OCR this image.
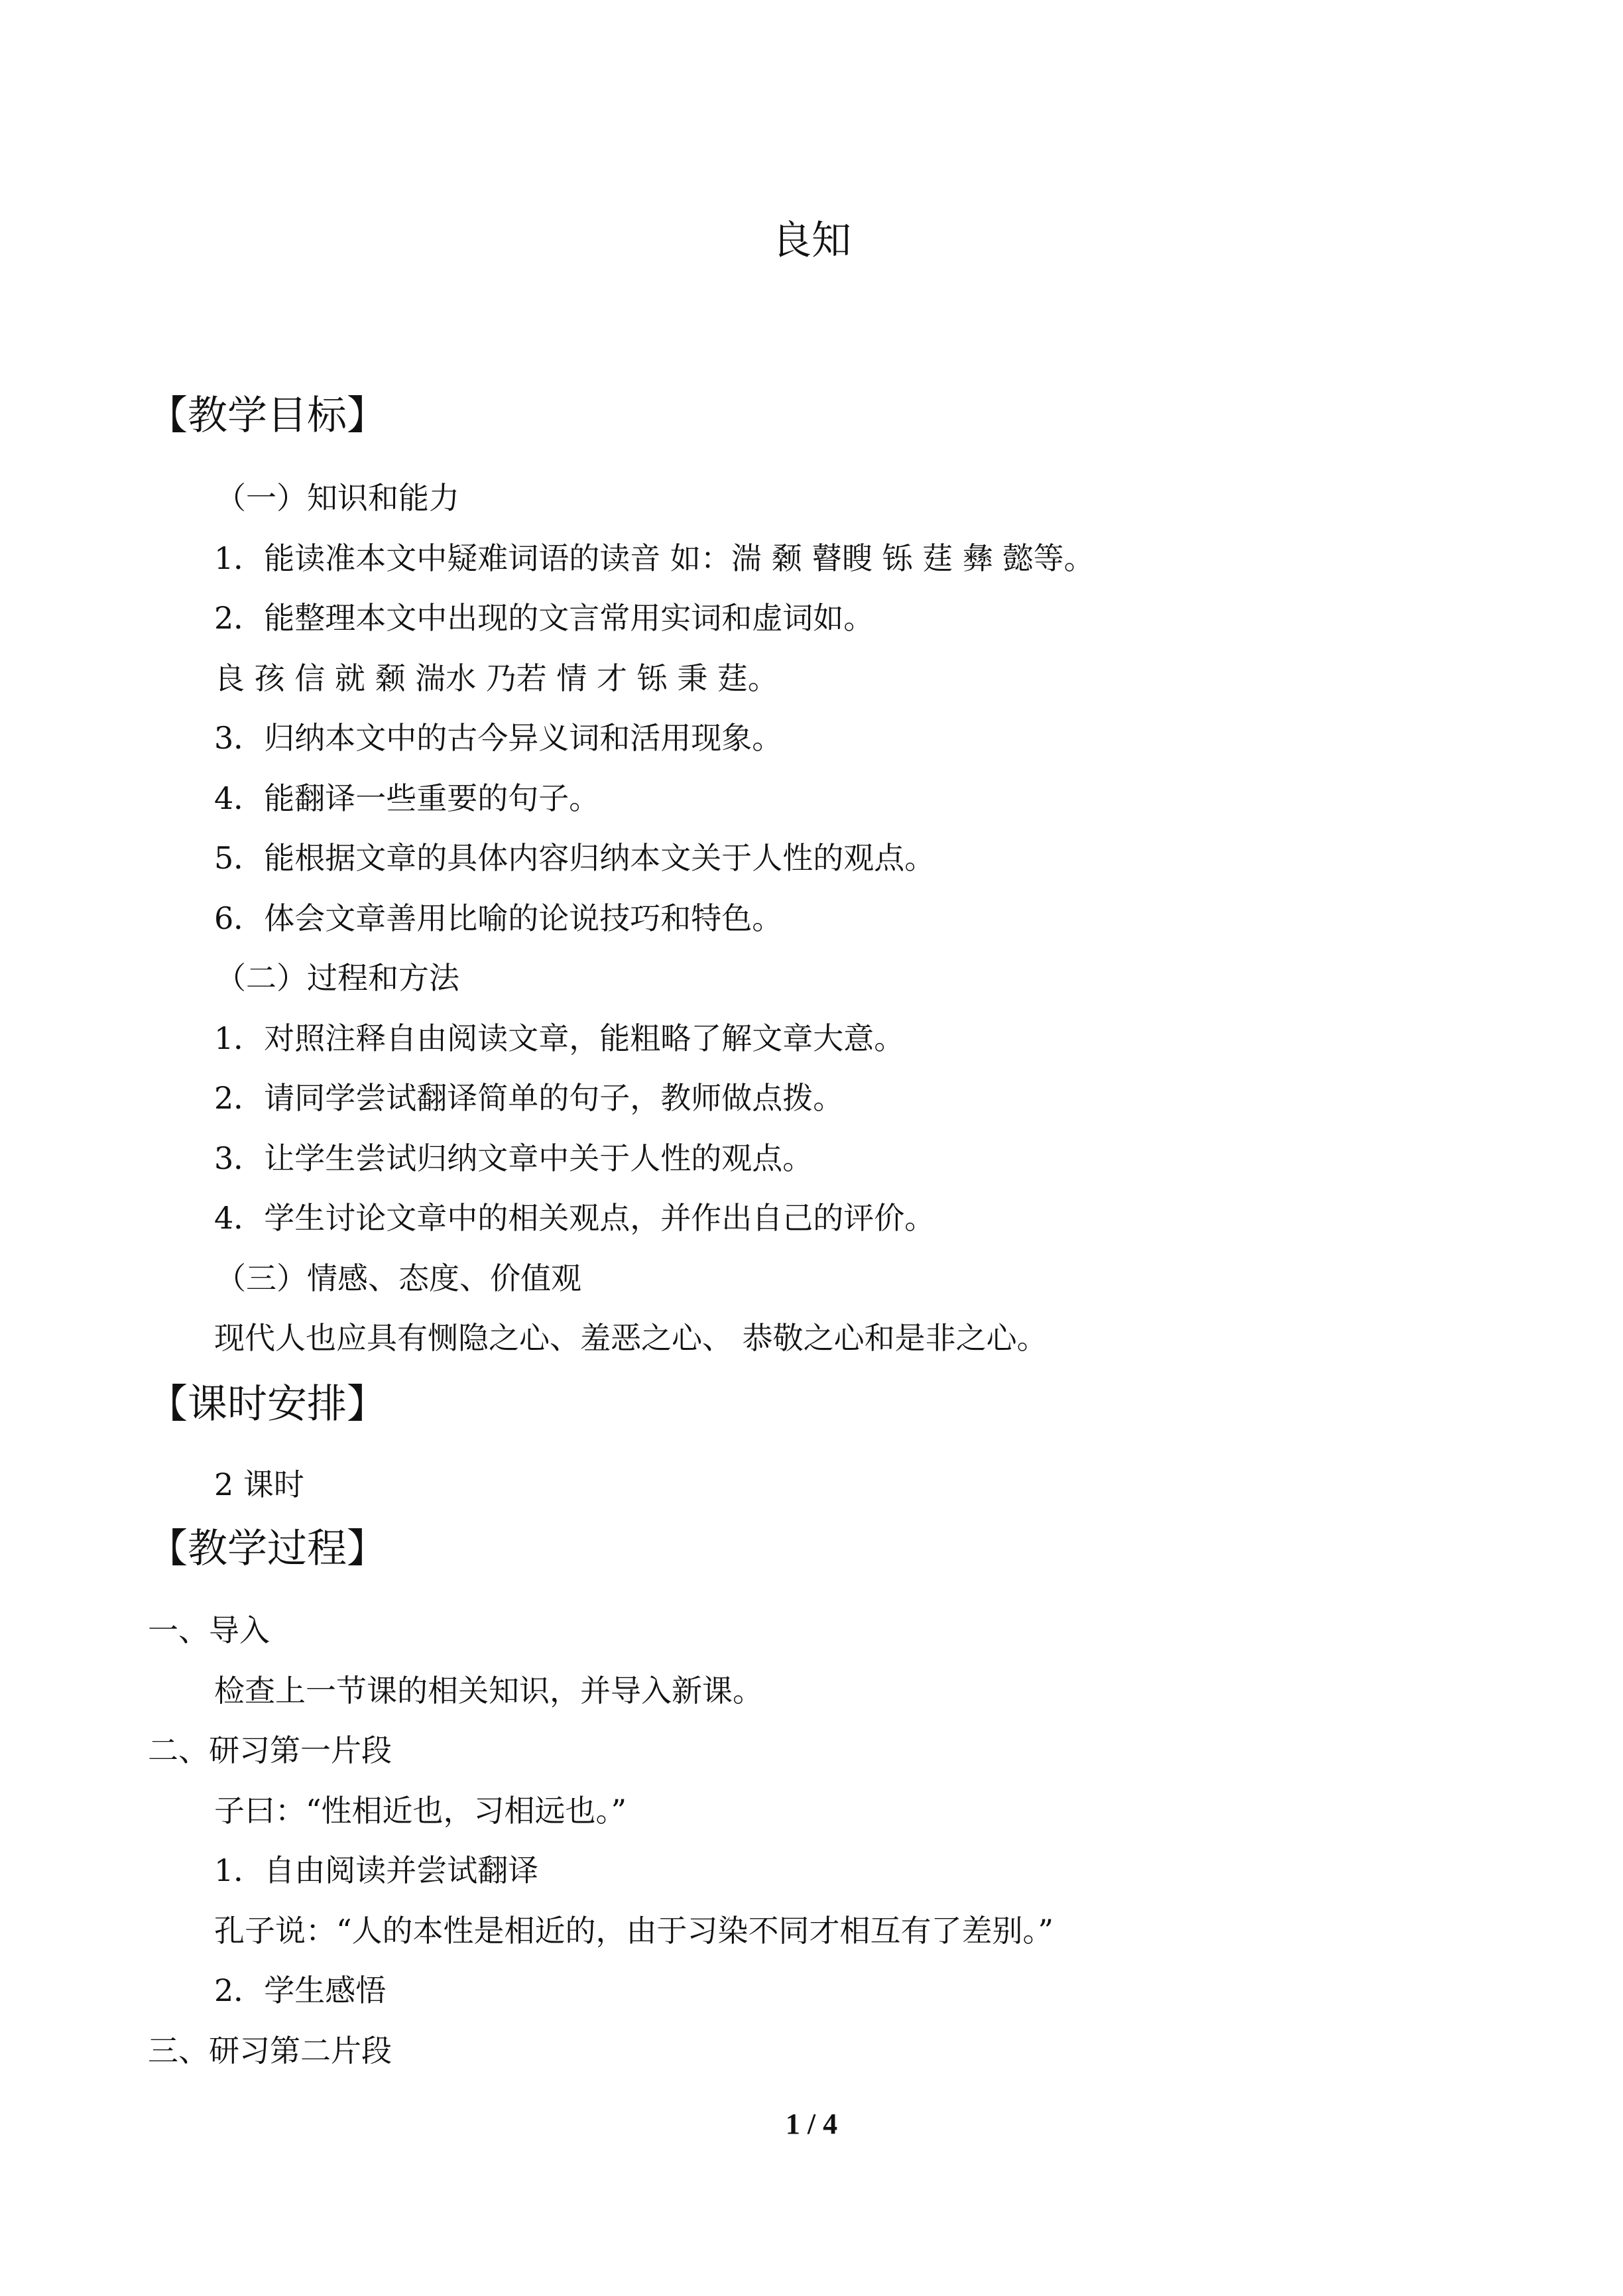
良知
【教学目标】
（一）知识和能力
1．能读准本文中疑难词语的读音 如：湍 颡 瞽瞍 铄 莛 彝 懿等。
2．能整理本文中出现的文言常用实词和虚词如。
良 孩 信 就 颡 湍水 乃若 情 才 铄 秉 莛。
3．归纳本文中的古今异义词和活用现象。
4．能翻译一些重要的句子。
5．能根据文章的具体内容归纳本文关于人性的观点。
6．体会文章善用比喻的论说技巧和特色。
（二）过程和方法
1．对照注释自由阅读文章，能粗略了解文章大意。
2．请同学尝试翻译简单的句子，教师做点拨。
3．让学生尝试归纳文章中关于人性的观点。
4．学生讨论文章中的相关观点，并作出自己的评价。
（三）情感、态度、价值观
现代人也应具有恻隐之心、羞恶之心、 恭敬之心和是非之心。
【课时安排】
2 课时
【教学过程】
一、导入
检查上一节课的相关知识，并导入新课。
二、研习第一片段
子曰：“性相近也，习相远也。”
1．自由阅读并尝试翻译
孔子说：“人的本性是相近的，由于习染不同才相互有了差别。”
2．学生感悟
三、研习第二片段
1 / 4
